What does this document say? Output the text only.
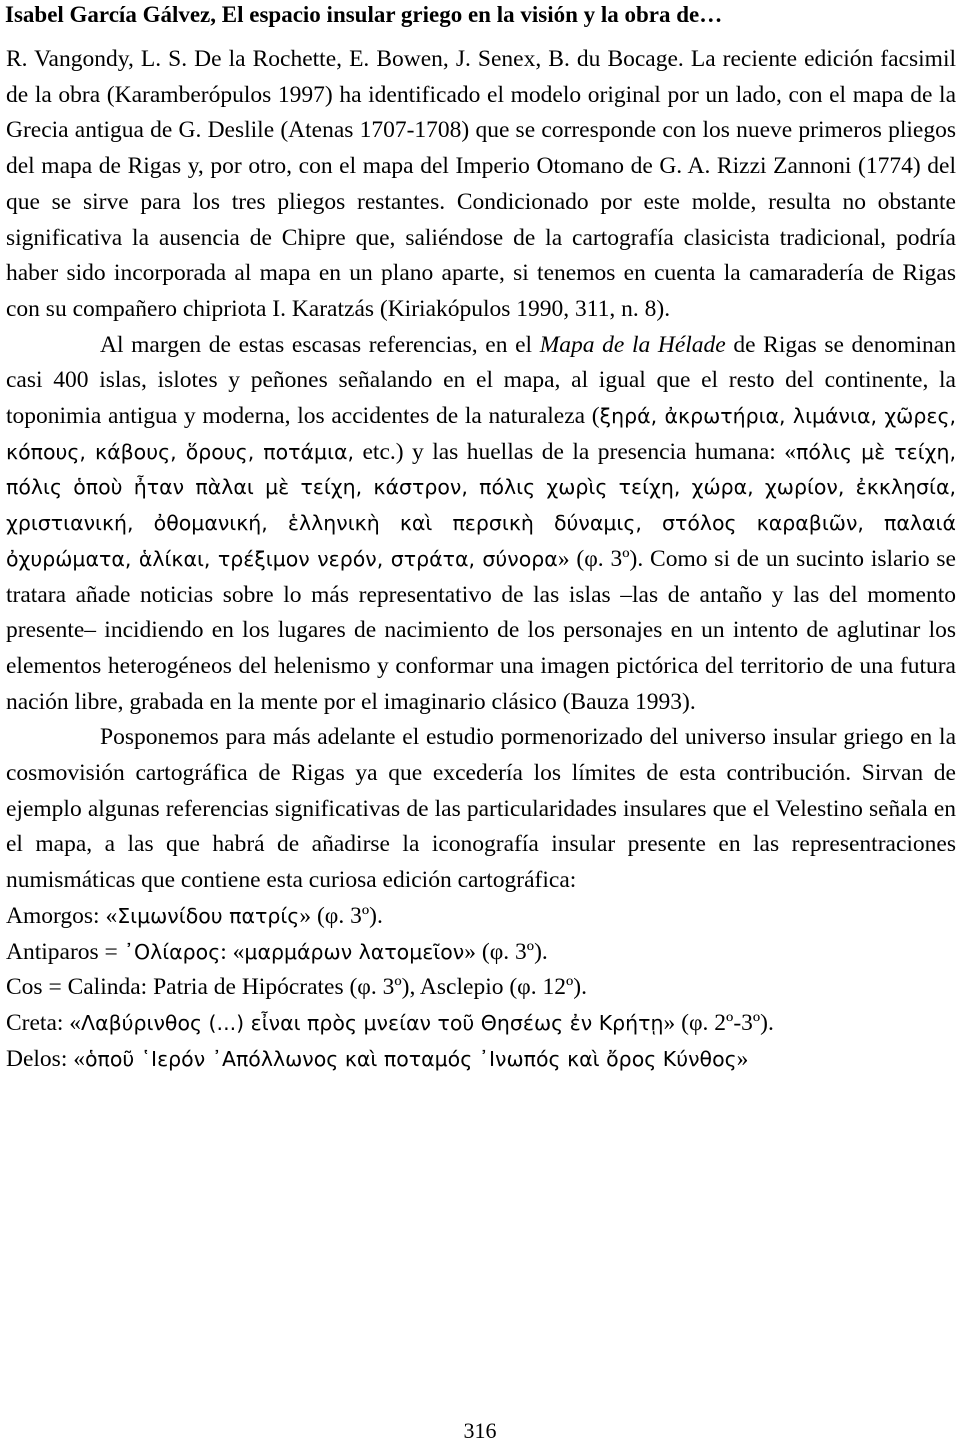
Isabel García Gálvez, El espacio insular griego en la visión y la obra de…

R. Vangondy, L. S. De la Rochette, E. Bowen, J. Senex, B. du Bocage. La reciente edición facsimil de la obra (Karamberópulos 1997) ha identificado el modelo original por un lado, con el mapa de la Grecia antigua de G. Deslile (Atenas 1707-1708) que se corresponde con los nueve primeros pliegos del mapa de Rigas y, por otro, con el mapa del Imperio Otomano de G. A. Rizzi Zannoni (1774) del que se sirve para los tres pliegos restantes. Condicionado por este molde, resulta no obstante significativa la ausencia de Chipre que, saliéndose de la cartografía clasicista tradicional, podría haber sido incorporada al mapa en un plano aparte, si tenemos en cuenta la camaradería de Rigas con su compañero chipriota I. Karatzás (Kiriakópulos 1990, 311, n. 8).

Al margen de estas escasas referencias, en el Mapa de la Hélade de Rigas se denominan casi 400 islas, islotes y peñones señalando en el mapa, al igual que el resto del continente, la toponimia antigua y moderna, los accidentes de la naturaleza (ξηρά, ἀκρωτήρια, λιμάνια, χῶρες, κόπους, κάβους, ὅρους, ποτάμια, etc.) y las huellas de la presencia humana: «πόλις μὲ τείχη, πόλις ὁποὺ ἦταν πὰλαι μὲ τείχη, κάστρον, πόλις χωρὶς τείχη, χώρα, χωρίον, ἐκκλησία, χριστιανική, ὀθομανική, ἑλληνικὴ καὶ περσικὴ δύναμις, στόλος καραβιῶν, παλαιά ὀχυρώματα, ἁλίκαι, τρέξιμον νερόν, στράτα, σύνορα» (φ. 3º). Como si de un sucinto islario se tratara añade noticias sobre lo más representativo de las islas –las de antaño y las del momento presente– incidiendo en los lugares de nacimiento de los personajes en un intento de aglutinar los elementos heterogéneos del helenismo y conformar una imagen pictórica del territorio de una futura nación libre, grabada en la mente por el imaginario clásico (Bauza 1993).

Posponemos para más adelante el estudio pormenorizado del universo insular griego en la cosmovisión cartográfica de Rigas ya que excedería los límites de esta contribución. Sirvan de ejemplo algunas referencias significativas de las particularidades insulares que el Velestino señala en el mapa, a las que habrá de añadirse la iconografía insular presente en las representraciones numismáticas que contiene esta curiosa edición cartográfica:

Amorgos: «Σιμωνίδου πατρίς» (φ. 3º).

Antiparos = ᾽Ολίαρος: «μαρμάρων λατομεῖον» (φ. 3º).

Cos = Calinda: Patria de Hipócrates (φ. 3º), Asclepio (φ. 12º).

Creta: «Λαβύρινθος (...) εἶναι πρὸς μνείαν τοῦ Θησέως ἐν Κρήτῃ» (φ. 2º-3º).

Delos: «ὁποῦ ῾Ιερόν ᾽Απόλλωνος καὶ ποταμός ᾽Ινωπός καὶ ὄρος Κύνθος»

316
